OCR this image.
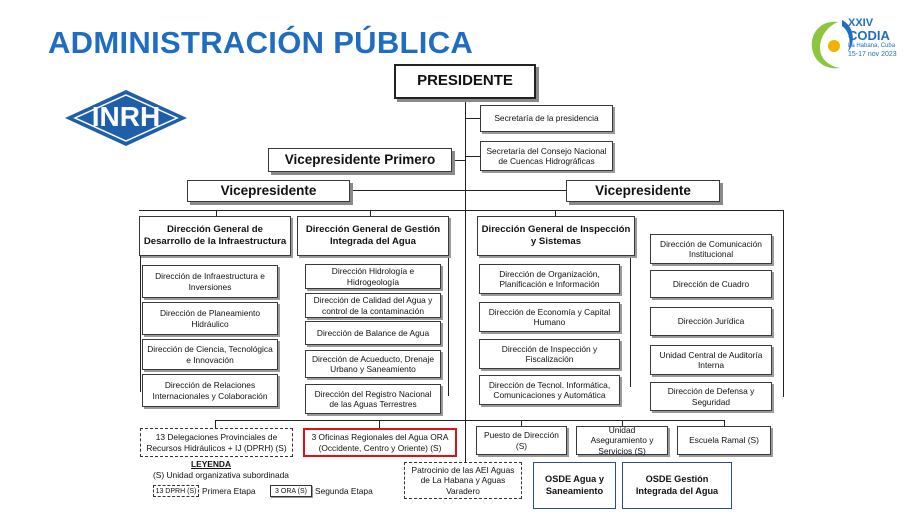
ADMINISTRACIÓN PÚBLICA
XXIV
CODIA
La Habana, Cuba
15-17 nov 2023
INRH
PRESIDENTE
Secretaría de la presidencia
Secretaría del Consejo Nacional de Cuencas Hidrográficas
Vicepresidente Primero
Vicepresidente	Vicepresidente
Dirección General de Desarrollo de la Infraestructura
Dirección de Infraestructura e Inversiones
Dirección de Planeamiento Hidráulico
Dirección de Ciencia, Tecnológica e Innovación
Dirección de Relaciones Internacionales y Colaboración
Dirección General de Gestión Integrada del Agua
Dirección Hidrología e Hidrogeología
Dirección de Calidad del Agua y control de la contaminación
Dirección de Balance de Agua
Dirección de Acueducto, Drenaje Urbano y Saneamiento
Dirección del Registro Nacional de las Aguas Terrestres
Dirección General de Inspección y Sistemas
Dirección de Organización, Planificación e Información
Dirección de Economía y Capital Humano
Dirección de Inspección y Fiscalización
Dirección de Tecnol. Informática, Comunicaciones y Automática
Dirección de Comunicación Institucional
Dirección de Cuadro
Dirección Jurídica
Unidad Central de Auditoría Interna
Dirección de Defensa y Seguridad
13 Delegaciones Provinciales de Recursos Hidráulicos + IJ (DPRH) (S)
3 Oficinas Regionales del Agua ORA (Occidente, Centro y Oriente) (S)
Puesto de Dirección (S)
Unidad Aseguramiento y Servicios (S)
Escuela Ramal (S)
Patrocinio de las AEI Aguas de La Habana y Aguas Varadero
OSDE Agua y Saneamiento
OSDE Gestión Integrada del Agua
LEYENDA
(S) Unidad organizativa subordinada
13 DPRH (S) Primera Etapa	3 ORA (S) Segunda Etapa
